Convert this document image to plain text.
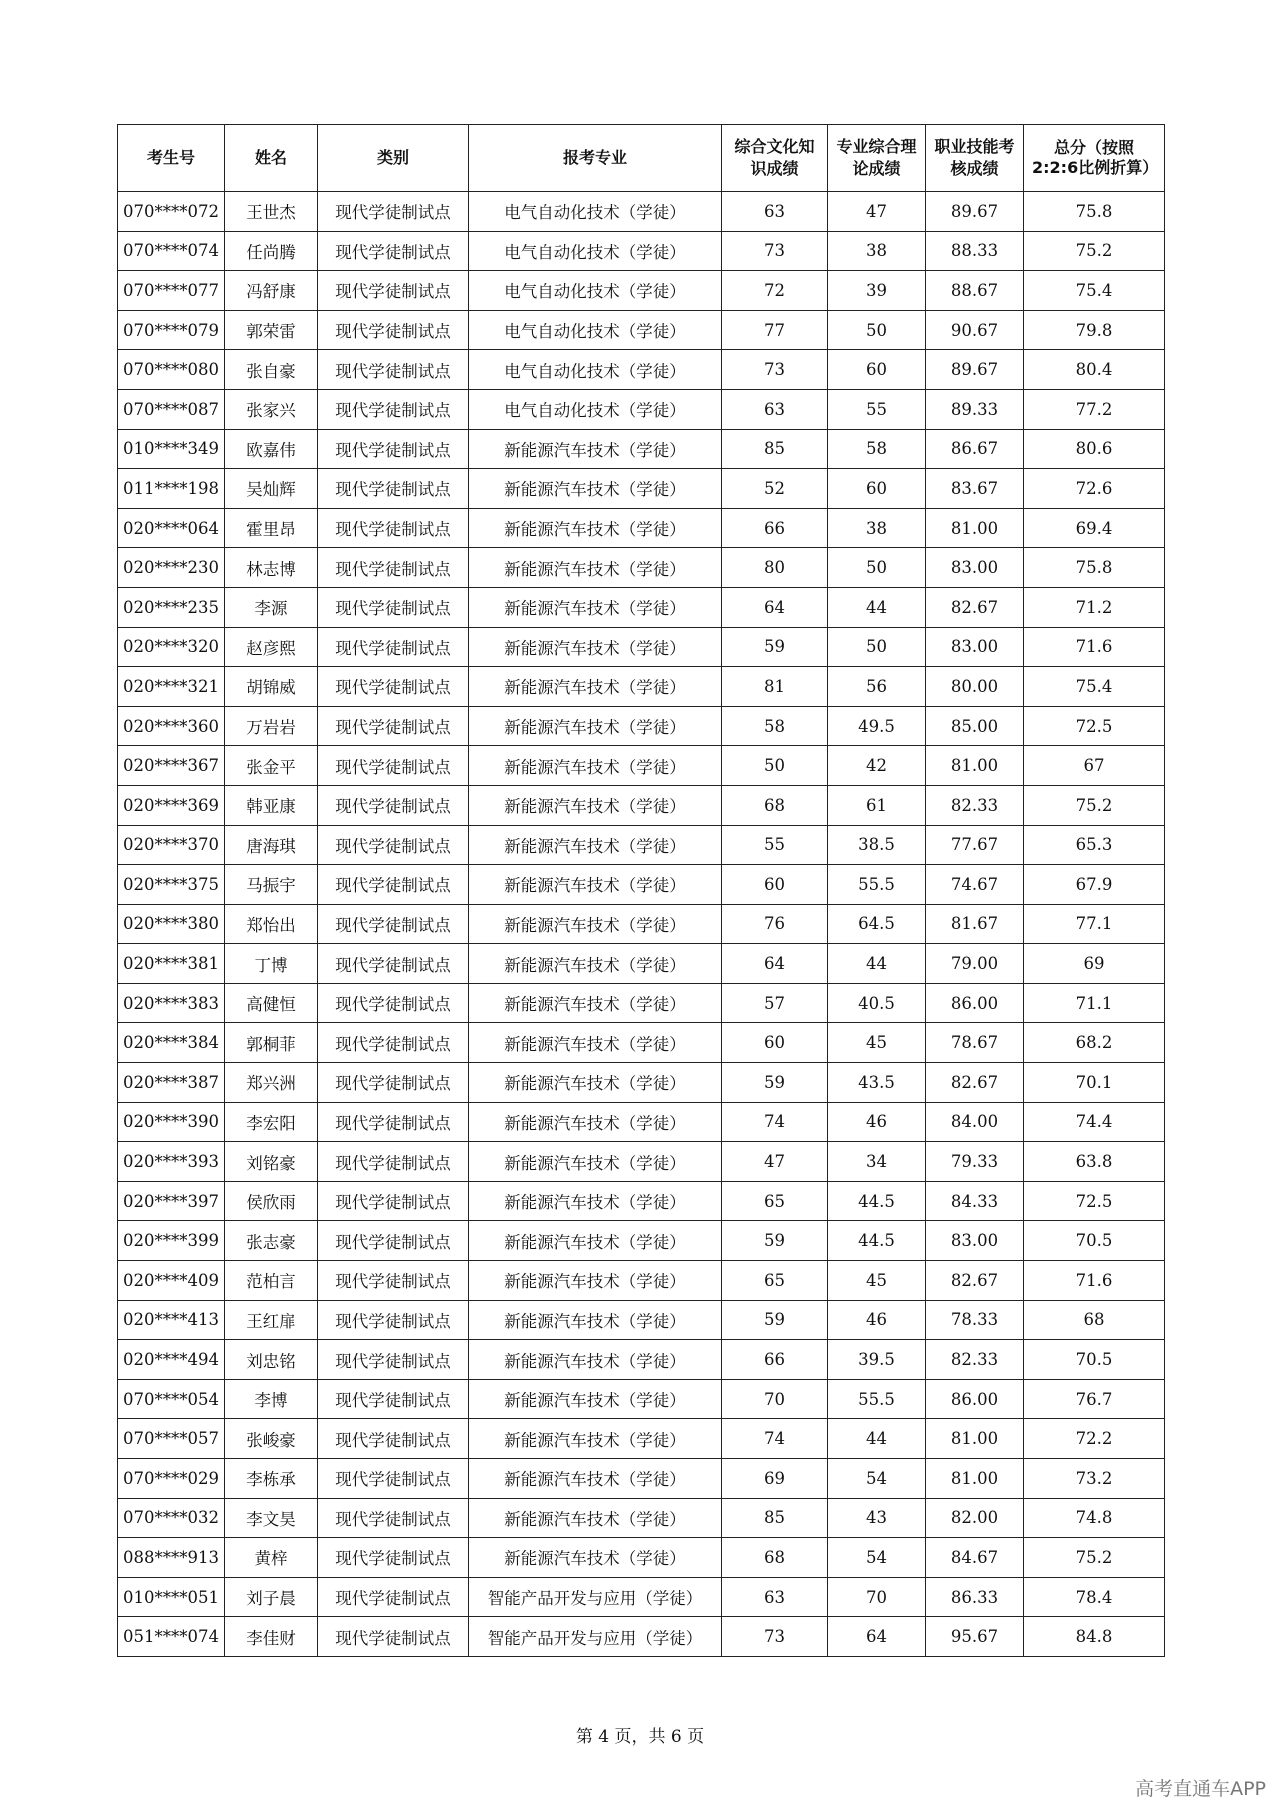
考生号	姓名	类别	报考专业	综合文化知识成绩	专业综合理论成绩	职业技能考核成绩	总分（按照2:2:6比例折算）
070****072	王世杰	现代学徒制试点	电气自动化技术（学徒）	63	47	89.67	75.8
070****074	任尚腾	现代学徒制试点	电气自动化技术（学徒）	73	38	88.33	75.2
070****077	冯舒康	现代学徒制试点	电气自动化技术（学徒）	72	39	88.67	75.4
070****079	郭荣雷	现代学徒制试点	电气自动化技术（学徒）	77	50	90.67	79.8
070****080	张自豪	现代学徒制试点	电气自动化技术（学徒）	73	60	89.67	80.4
070****087	张家兴	现代学徒制试点	电气自动化技术（学徒）	63	55	89.33	77.2
010****349	欧嘉伟	现代学徒制试点	新能源汽车技术（学徒）	85	58	86.67	80.6
011****198	吴灿辉	现代学徒制试点	新能源汽车技术（学徒）	52	60	83.67	72.6
020****064	霍里昂	现代学徒制试点	新能源汽车技术（学徒）	66	38	81.00	69.4
020****230	林志博	现代学徒制试点	新能源汽车技术（学徒）	80	50	83.00	75.8
020****235	李源	现代学徒制试点	新能源汽车技术（学徒）	64	44	82.67	71.2
020****320	赵彦熙	现代学徒制试点	新能源汽车技术（学徒）	59	50	83.00	71.6
020****321	胡锦威	现代学徒制试点	新能源汽车技术（学徒）	81	56	80.00	75.4
020****360	万岩岩	现代学徒制试点	新能源汽车技术（学徒）	58	49.5	85.00	72.5
020****367	张金平	现代学徒制试点	新能源汽车技术（学徒）	50	42	81.00	67
020****369	韩亚康	现代学徒制试点	新能源汽车技术（学徒）	68	61	82.33	75.2
020****370	唐海琪	现代学徒制试点	新能源汽车技术（学徒）	55	38.5	77.67	65.3
020****375	马振宇	现代学徒制试点	新能源汽车技术（学徒）	60	55.5	74.67	67.9
020****380	郑怡出	现代学徒制试点	新能源汽车技术（学徒）	76	64.5	81.67	77.1
020****381	丁博	现代学徒制试点	新能源汽车技术（学徒）	64	44	79.00	69
020****383	高健恒	现代学徒制试点	新能源汽车技术（学徒）	57	40.5	86.00	71.1
020****384	郭桐菲	现代学徒制试点	新能源汽车技术（学徒）	60	45	78.67	68.2
020****387	郑兴洲	现代学徒制试点	新能源汽车技术（学徒）	59	43.5	82.67	70.1
020****390	李宏阳	现代学徒制试点	新能源汽车技术（学徒）	74	46	84.00	74.4
020****393	刘铭豪	现代学徒制试点	新能源汽车技术（学徒）	47	34	79.33	63.8
020****397	侯欣雨	现代学徒制试点	新能源汽车技术（学徒）	65	44.5	84.33	72.5
020****399	张志豪	现代学徒制试点	新能源汽车技术（学徒）	59	44.5	83.00	70.5
020****409	范柏言	现代学徒制试点	新能源汽车技术（学徒）	65	45	82.67	71.6
020****413	王红扉	现代学徒制试点	新能源汽车技术（学徒）	59	46	78.33	68
020****494	刘忠铭	现代学徒制试点	新能源汽车技术（学徒）	66	39.5	82.33	70.5
070****054	李博	现代学徒制试点	新能源汽车技术（学徒）	70	55.5	86.00	76.7
070****057	张峻豪	现代学徒制试点	新能源汽车技术（学徒）	74	44	81.00	72.2
070****029	李栋承	现代学徒制试点	新能源汽车技术（学徒）	69	54	81.00	73.2
070****032	李文昊	现代学徒制试点	新能源汽车技术（学徒）	85	43	82.00	74.8
088****913	黄梓	现代学徒制试点	新能源汽车技术（学徒）	68	54	84.67	75.2
010****051	刘子晨	现代学徒制试点	智能产品开发与应用（学徒）	63	70	86.33	78.4
051****074	李佳财	现代学徒制试点	智能产品开发与应用（学徒）	73	64	95.67	84.8
第 4 页，共 6 页
高考直通车APP
